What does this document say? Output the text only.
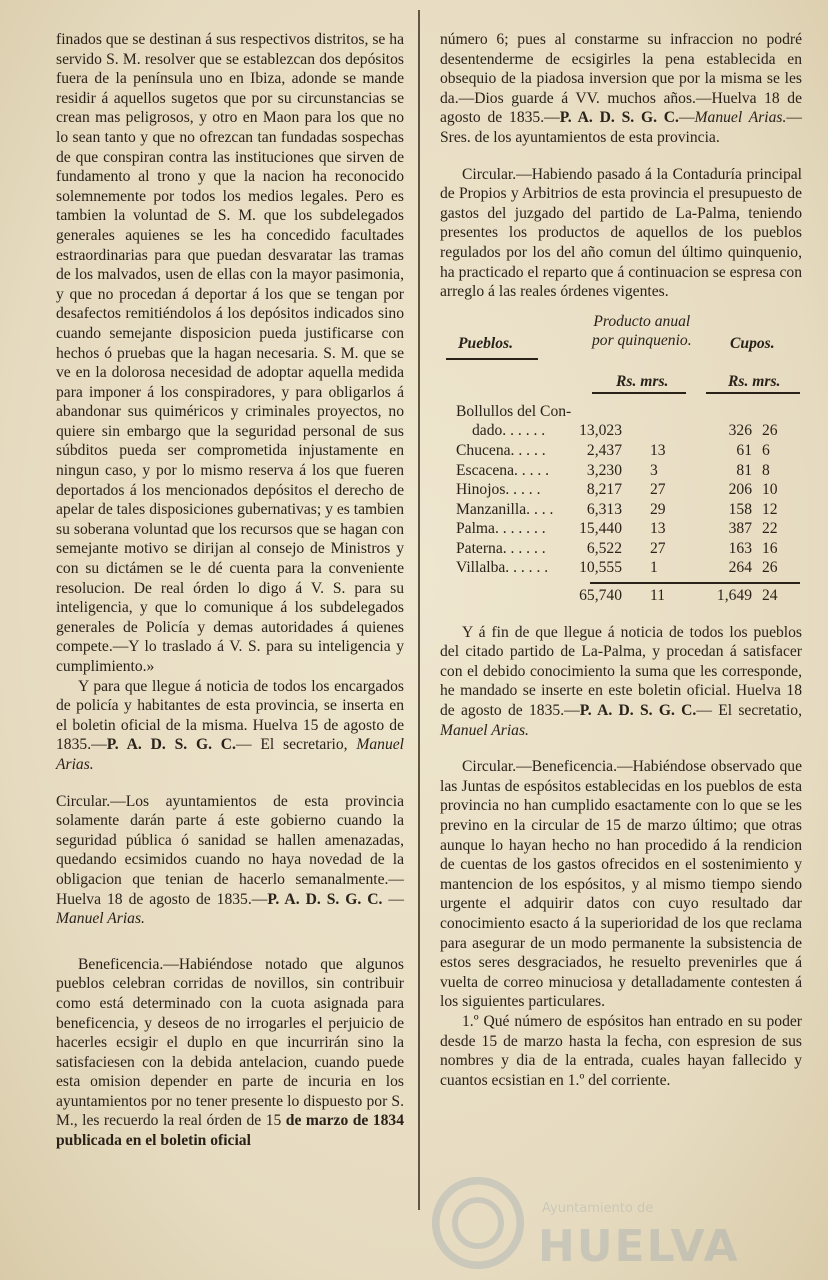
finados que se destinan á sus respectivos distritos, se ha servido S. M. resolver que se establezcan dos depósitos fuera de la península uno en Ibiza, adonde se mande residir á aquellos sugetos que por su circunstancias se crean mas peligrosos, y otro en Maon para los que no lo sean tanto y que no ofrezcan tan fundadas sospechas de que conspiran contra las instituciones que sirven de fundamento al trono y que la nacion ha reconocido solemnemente por todos los medios legales. Pero es tambien la voluntad de S. M. que los subdelegados generales aquienes se les ha concedido facultades estraordinarias para que puedan desvaratar las tramas de los malvados, usen de ellas con la mayor pasimonia, y que no procedan á deportar á los que se tengan por desafectos remitiéndolos á los depósitos indicados sino cuando semejante disposicion pueda justificarse con hechos ó pruebas que la hagan necesaria. S. M. que se ve en la dolorosa necesidad de adoptar aquella medida para imponer á los conspiradores, y para obligarlos á abandonar sus quiméricos y criminales proyectos, no quiere sin embargo que la seguridad personal de sus súbditos pueda ser comprometida injustamente en ningun caso, y por lo mismo reserva á los que fueren deportados á los mencionados depósitos el derecho de apelar de tales disposiciones gubernativas; y es tambien su soberana voluntad que los recursos que se hagan con semejante motivo se dirijan al consejo de Ministros y con su dictámen se le dé cuenta para la conveniente resolucion. De real órden lo digo á V. S. para su inteligencia, y que lo comunique á los subdelegados generales de Policía y demas autoridades á quienes compete.—Y lo traslado á V. S. para su inteligencia y cumplimiento.»

Y para que llegue á noticia de todos los encargados de policía y habitantes de esta provincia, se inserta en el boletin oficial de la misma. Huelva 15 de agosto de 1835.—P. A. D. S. G. C.— El secretario, Manuel Arias.

Circular.—Los ayuntamientos de esta provincia solamente darán parte á este gobierno cuando la seguridad pública ó sanidad se hallen amenazadas, quedando ecsimidos cuando no haya novedad de la obligacion que tenian de hacerlo semanalmente.—Huelva 18 de agosto de 1835.—P. A. D. S. G. C. —Manuel Arias.

Beneficencia.—Habiéndose notado que algunos pueblos celebran corridas de novillos, sin contribuir como está determinado con la cuota asignada para beneficencia, y deseos de no irrogarles el perjuicio de hacerles ecsigir el duplo en que incurrirán sino la satisfaciesen con la debida antelacion, cuando puede esta omision depender en parte de incuria en los ayuntamientos por no tener presente lo dispuesto por S. M., les recuerdo la real órden de 15 de marzo de 1834 publicada en el boletin oficial

número 6; pues al constarme su infraccion no podré desentenderme de ecsigirles la pena establecida en obsequio de la piadosa inversion que por la misma se les da.—Dios guarde á VV. muchos años.—Huelva 18 de agosto de 1835.—P. A. D. S. G. C.—Manuel Arias.—Sres. de los ayuntamientos de esta provincia.

Circular.—Habiendo pasado á la Contaduría principal de Propios y Arbitrios de esta provincia el presupuesto de gastos del juzgado del partido de La-Palma, teniendo presentes los productos de aquellos de los pueblos regulados por los del año comun del último quinquenio, ha practicado el reparto que á continuacion se espresa con arreglo á las reales órdenes vigentes.

Pueblos.
Producto anual
por quinquenio. Cupos.
Rs. mrs.	Rs. mrs.
Bollullos del Con-
dado. . . . . . 13,023	326 26
Chucena. . . . .	2,437 13	61 6
Escacena. . . . . 3,230 3	81 8
Hinojos. . . . .	8,217 27	206 10
Manzanilla. . . . 6,313 29	158 12
Palma. . . . . . . 15,440 13	387 22
Paterna. . . . . .	6,522 27	163 16
Villalba. . . . . . 10,555 1	264 26
65,740 11	1,649 24

Y á fin de que llegue á noticia de todos los pueblos del citado partido de La-Palma, y procedan á satisfacer con el debido conocimiento la suma que les corresponde, he mandado se inserte en este boletin oficial. Huelva 18 de agosto de 1835.—P. A. D. S. G. C.— El secretatio, Manuel Arias.

Circular.—Beneficencia.—Habiéndose observado que las Juntas de espósitos establecidas en los pueblos de esta provincia no han cumplido esactamente con lo que se les previno en la circular de 15 de marzo último; que otras aunque lo hayan hecho no han procedido á la rendicion de cuentas de los gastos ofrecidos en el sostenimiento y mantencion de los espósitos, y al mismo tiempo siendo urgente el adquirir datos con cuyo resultado dar conocimiento esacto á la superioridad de los que reclama para asegurar de un modo permanente la subsistencia de estos seres desgraciados, he resuelto prevenirles que á vuelta de correo minuciosa y detalladamente contesten á los siguientes particulares.

1.º Qué número de espósitos han entrado en su poder desde 15 de marzo hasta la fecha, con espresion de sus nombres y dia de la entrada, cuales hayan fallecido y cuantos ecsistian en 1.º del corriente.

Ayuntamiento de
HUELVA
